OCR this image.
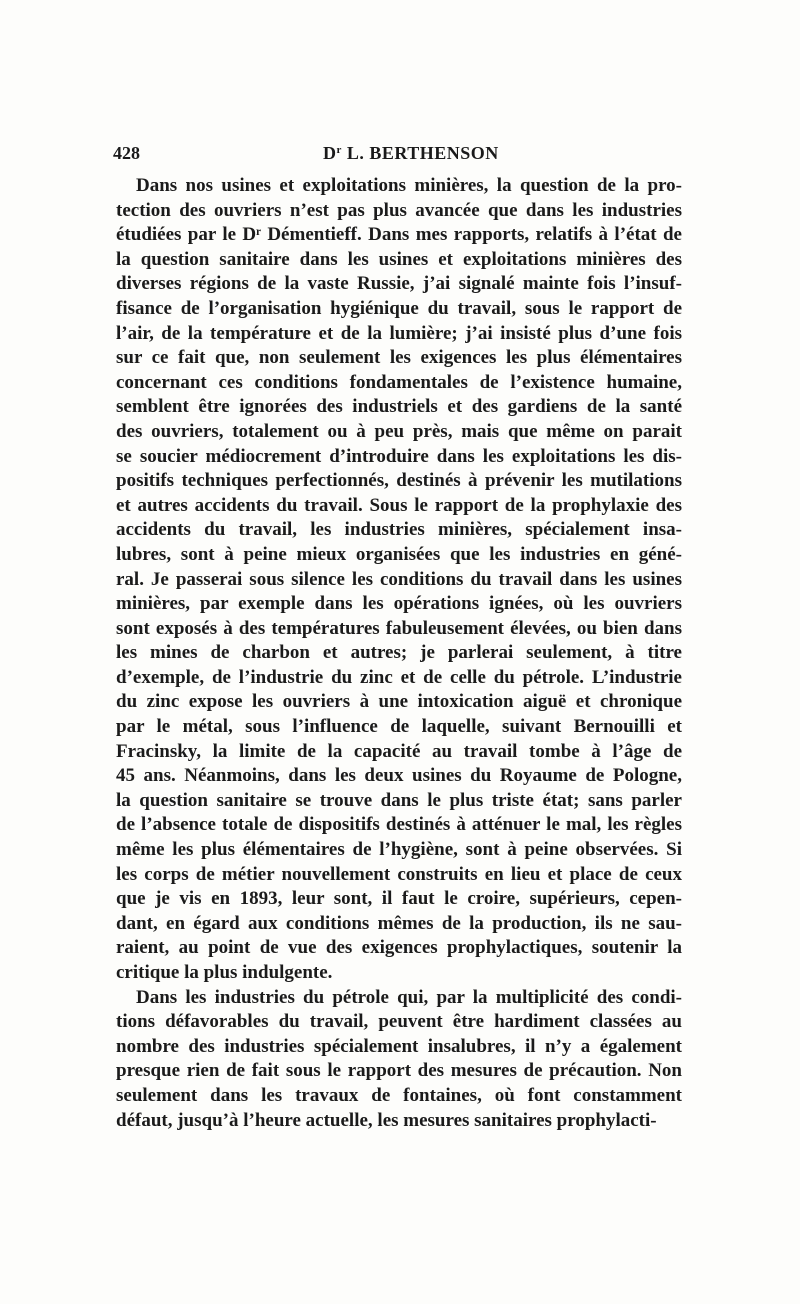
428	$D^r$ L. BERTHENSON
Dans nos usines et exploitations minières, la question de la pro-
tection des ouvriers n’est pas plus avancée que dans les industries
étudiées par le Dʳ Démentieff. Dans mes rapports, relatifs à l’état de
la question sanitaire dans les usines et exploitations minières des
diverses régions de la vaste Russie, j’ai signalé mainte fois l’insuf-
fisance de l’organisation hygiénique du travail, sous le rapport de
l’air, de la température et de la lumière; j’ai insisté plus d’une fois
sur ce fait que, non seulement les exigences les plus élémentaires
concernant ces conditions fondamentales de l’existence humaine,
semblent être ignorées des industriels et des gardiens de la santé
des ouvriers, totalement ou à peu près, mais que même on parait
se soucier médiocrement d’introduire dans les exploitations les dis-
positifs techniques perfectionnés, destinés à prévenir les mutilations
et autres accidents du travail. Sous le rapport de la prophylaxie des
accidents du travail, les industries minières, spécialement insa-
lubres, sont à peine mieux organisées que les industries en géné-
ral. Je passerai sous silence les conditions du travail dans les usines
minières, par exemple dans les opérations ignées, où les ouvriers
sont exposés à des températures fabuleusement élevées, ou bien dans
les mines de charbon et autres; je parlerai seulement, à titre
d’exemple, de l’industrie du zinc et de celle du pétrole. L’industrie
du zinc expose les ouvriers à une intoxication aiguë et chronique
par le métal, sous l’influence de laquelle, suivant Bernouilli et
Fracinsky, la limite de la capacité au travail tombe à l’âge de
45 ans. Néanmoins, dans les deux usines du Royaume de Pologne,
la question sanitaire se trouve dans le plus triste état; sans parler
de l’absence totale de dispositifs destinés à atténuer le mal, les règles
même les plus élémentaires de l’hygiène, sont à peine observées. Si
les corps de métier nouvellement construits en lieu et place de ceux
que je vis en 1893, leur sont, il faut le croire, supérieurs, cepen-
dant, en égard aux conditions mêmes de la production, ils ne sau-
raient, au point de vue des exigences prophylactiques, soutenir la
critique la plus indulgente.
Dans les industries du pétrole qui, par la multiplicité des condi-
tions défavorables du travail, peuvent être hardiment classées au
nombre des industries spécialement insalubres, il n’y a également
presque rien de fait sous le rapport des mesures de précaution. Non
seulement dans les travaux de fontaines, où font constamment
défaut, jusqu’à l’heure actuelle, les mesures sanitaires prophylacti-
